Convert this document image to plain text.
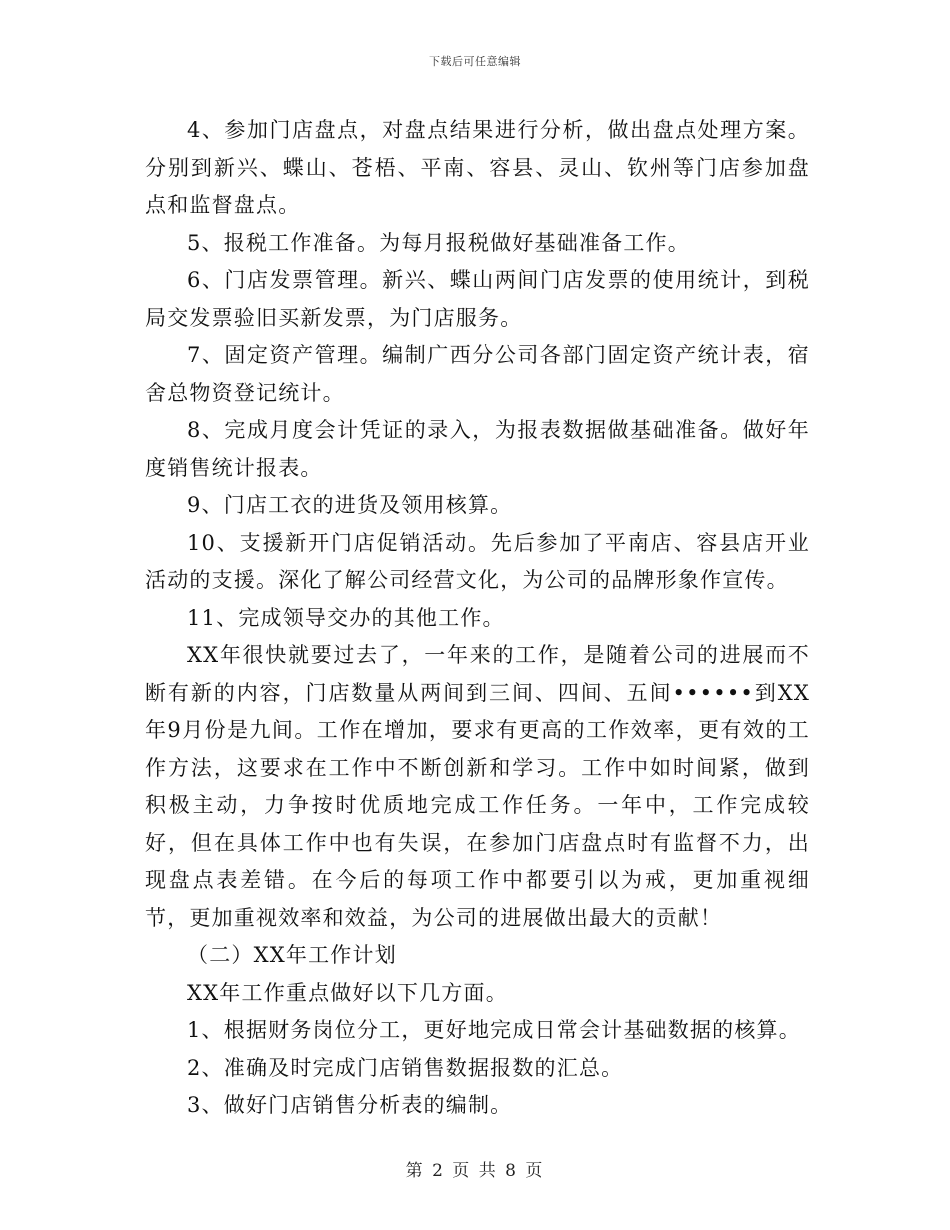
下载后可任意编辑

4、参加门店盘点，对盘点结果进行分析，做出盘点处理方案。分别到新兴、蝶山、苍梧、平南、容县、灵山、钦州等门店参加盘点和监督盘点。

5、报税工作准备。为每月报税做好基础准备工作。

6、门店发票管理。新兴、蝶山两间门店发票的使用统计，到税局交发票验旧买新发票，为门店服务。

7、固定资产管理。编制广西分公司各部门固定资产统计表，宿舍总物资登记统计。

8、完成月度会计凭证的录入，为报表数据做基础准备。做好年度销售统计报表。

9、门店工衣的进货及领用核算。

10、支援新开门店促销活动。先后参加了平南店、容县店开业活动的支援。深化了解公司经营文化，为公司的品牌形象作宣传。

11、完成领导交办的其他工作。

XX年很快就要过去了，一年来的工作，是随着公司的进展而不断有新的内容，门店数量从两间到三间、四间、五间••••••到XX年9月份是九间。工作在增加，要求有更高的工作效率，更有效的工作方法，这要求在工作中不断创新和学习。工作中如时间紧，做到积极主动，力争按时优质地完成工作任务。一年中，工作完成较好，但在具体工作中也有失误，在参加门店盘点时有监督不力，出现盘点表差错。在今后的每项工作中都要引以为戒，更加重视细节，更加重视效率和效益，为公司的进展做出最大的贡献！

（二）XX年工作计划

XX年工作重点做好以下几方面。

1、根据财务岗位分工，更好地完成日常会计基础数据的核算。

2、准确及时完成门店销售数据报数的汇总。

3、做好门店销售分析表的编制。

第 2 页 共 8 页
